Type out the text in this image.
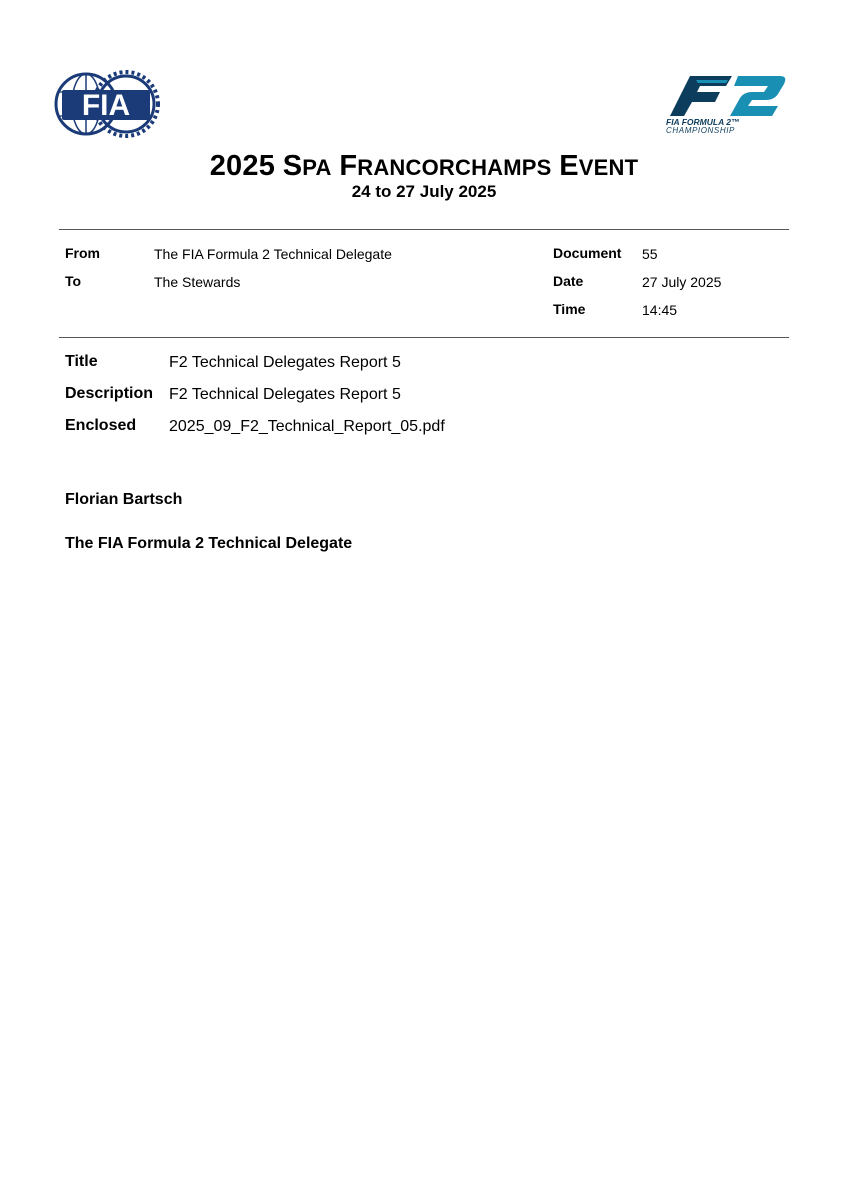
FIA
F2
FIA FORMULA 2™
CHAMPIONSHIP
2025 SPA FRANCORCHAMPS EVENT
24 to 27 July 2025
From	The FIA Formula 2 Technical Delegate
To	The Stewards
Document 55
Date	27 July 2025
Time	14:45
Title	F2 Technical Delegates Report 5
Description F2 Technical Delegates Report 5
Enclosed 2025_09_F2_Technical_Report_05.pdf
Florian Bartsch
The FIA Formula 2 Technical Delegate
